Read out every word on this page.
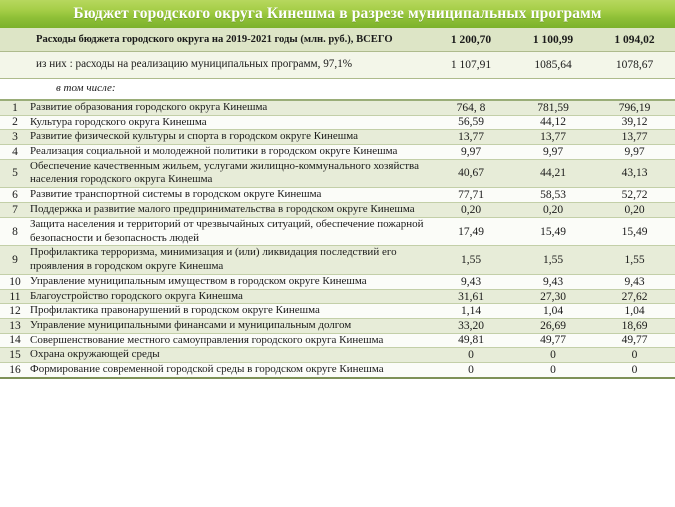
Бюджет городского округа Кинешма в разрезе муниципальных программ
	Расходы бюджета городского округа на 2019-2021 годы (млн. руб.), ВСЕГО	1 200,70	1 100,99	1 094,02
	из них : расходы на реализацию муниципальных программ, 97,1%	1 107,91	1085,64	1078,67
	в том числе:			
1	Развитие образования городского округа Кинешма	764, 8	781,59	796,19
2	Культура городского округа Кинешма	56,59	44,12	39,12
3	Развитие физической культуры и спорта в городском округе Кинешма	13,77	13,77	13,77
4	Реализация социальной и молодежной политики в городском округе Кинешма	9,97	9,97	9,97
5	Обеспечение качественным жильем, услугами жилищно-коммунального хозяйства населения городского округа Кинешма	40,67	44,21	43,13
6	Развитие транспортной системы в городском округе Кинешма	77,71	58,53	52,72
7	Поддержка и развитие малого предпринимательства в городском округе Кинешма	0,20	0,20	0,20
8	Защита населения и территорий от чрезвычайных ситуаций, обеспечение пожарной безопасности и безопасность людей	17,49	15,49	15,49
9	Профилактика терроризма, минимизация и (или) ликвидация последствий его проявления в городском округе Кинешма	1,55	1,55	1,55
10	Управление муниципальным имуществом в городском округе Кинешма	9,43	9,43	9,43
11	Благоустройство городского округа Кинешма	31,61	27,30	27,62
12	Профилактика правонарушений в городском округе Кинешма	1,14	1,04	1,04
13	Управление муниципальными финансами и муниципальным долгом	33,20	26,69	18,69
14	Совершенствование местного самоуправления городского округа Кинешма	49,81	49,77	49,77
15	Охрана окружающей среды	0	0	0
16	Формирование современной городской среды в городском округе Кинешма	0	0	0
